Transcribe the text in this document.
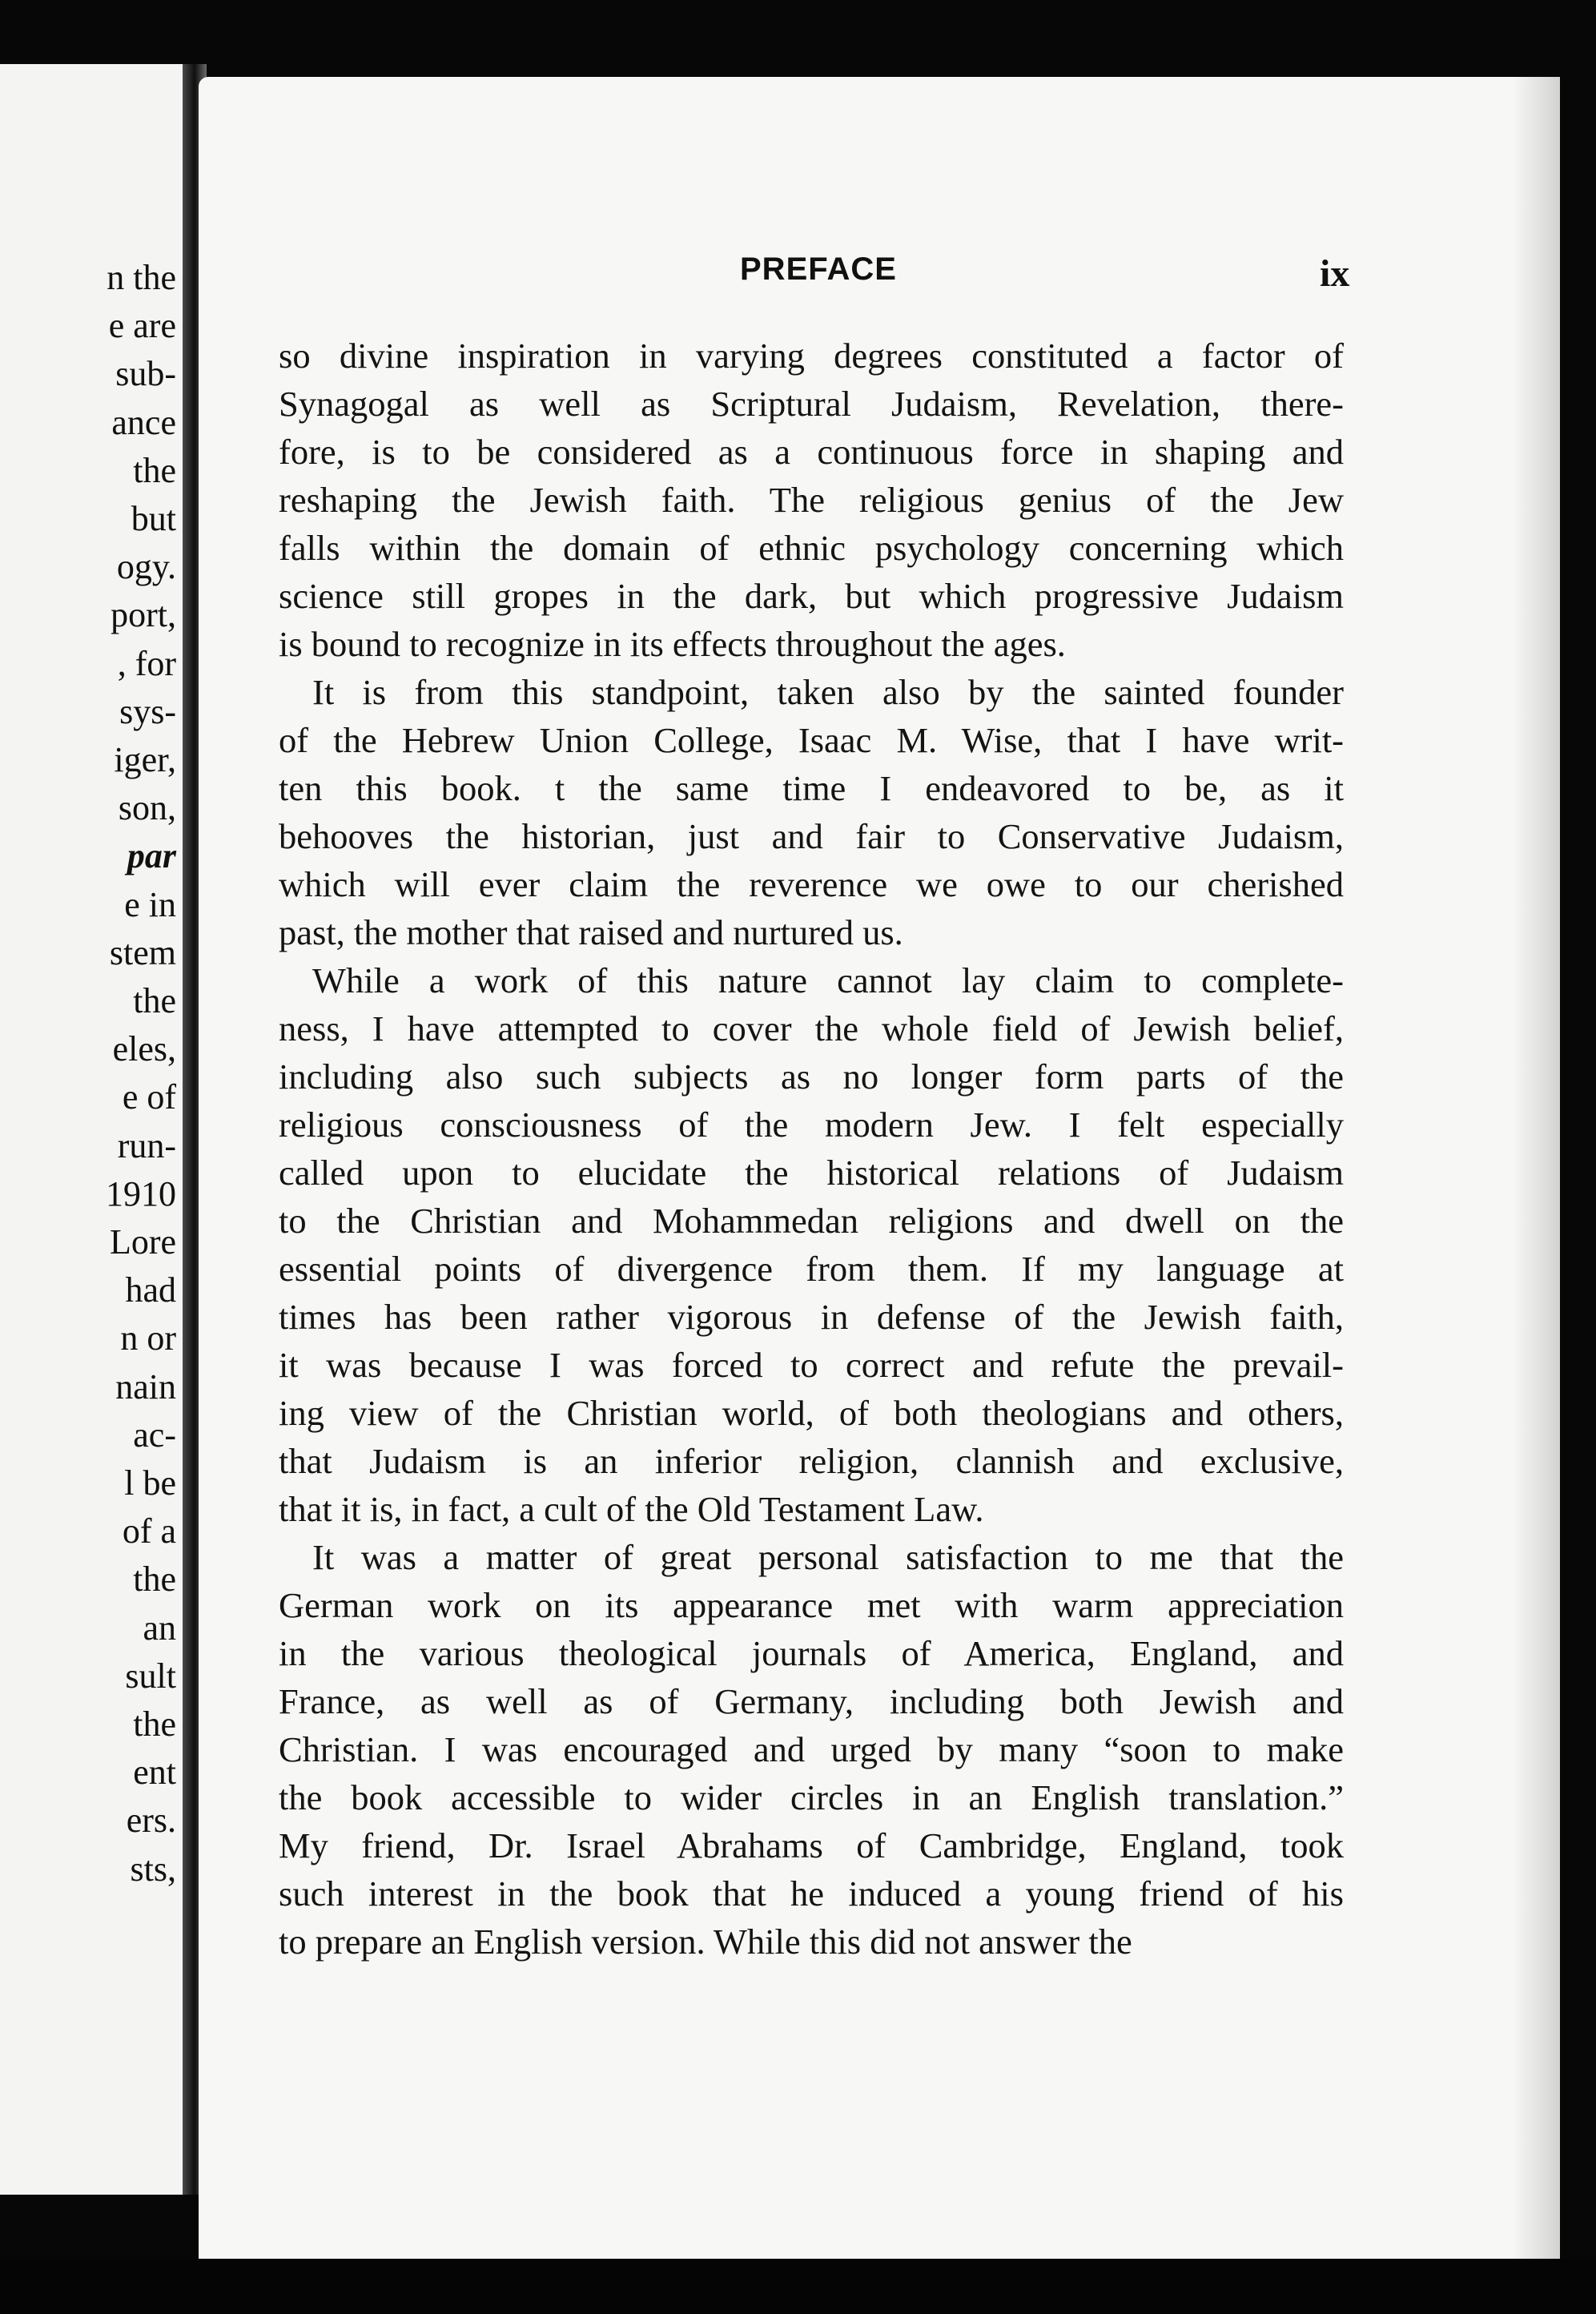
n the

e are

sub-

ance

the

but

ogy.

port,

, for

sys-

iger,

son,

par

e in

stem

the

eles,

e of

run-

1910

Lore

had

n or

nain

ac-

l be

of a

the

an

sult

the

ent

ers.

sts,

PREFACE	ix

so divine inspiration in varying degrees constituted a factor of
Synagogal as well as Scriptural Judaism, Revelation, there-
fore, is to be considered as a continuous force in shaping and
reshaping the Jewish faith. The religious genius of the Jew
falls within the domain of ethnic psychology concerning which
science still gropes in the dark, but which progressive Judaism
is bound to recognize in its effects throughout the ages.
It is from this standpoint, taken also by the sainted founder
of the Hebrew Union College, Isaac M. Wise, that I have writ-
ten this book. t the same time I endeavored to be, as it
behooves the historian, just and fair to Conservative Judaism,
which will ever claim the reverence we owe to our cherished
past, the mother that raised and nurtured us.
While a work of this nature cannot lay claim to complete-
ness, I have attempted to cover the whole field of Jewish belief,
including also such subjects as no longer form parts of the
religious consciousness of the modern Jew. I felt especially
called upon to elucidate the historical relations of Judaism
to the Christian and Mohammedan religions and dwell on the
essential points of divergence from them. If my language at
times has been rather vigorous in defense of the Jewish faith,
it was because I was forced to correct and refute the prevail-
ing view of the Christian world, of both theologians and others,
that Judaism is an inferior religion, clannish and exclusive,
that it is, in fact, a cult of the Old Testament Law.
It was a matter of great personal satisfaction to me that the
German work on its appearance met with warm appreciation
in the various theological journals of America, England, and
France, as well as of Germany, including both Jewish and
Christian. I was encouraged and urged by many “soon to make
the book accessible to wider circles in an English translation.”
My friend, Dr. Israel Abrahams of Cambridge, England, took
such interest in the book that he induced a young friend of his
to prepare an English version. While this did not answer the
